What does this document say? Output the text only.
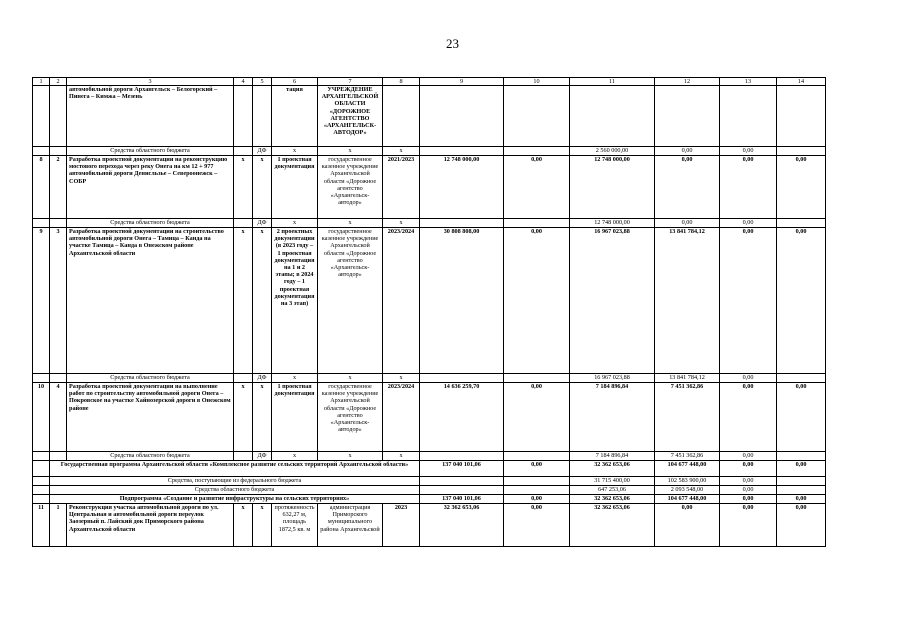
23
1	2	3	4	5	6	7	8	9	10	11	12	13	14
		автомобильной дороги Архангельск – Белогорский – Пинега – Кимжа – Мезень			тация	УЧРЕЖДЕНИЕ АРХАНГЕЛЬСКОЙ ОБЛАСТИ «ДОРОЖНОЕ АГЕНТСТВО «АРХАНГЕЛЬСК-АВТОДОР»							
		Средства областного бюджета		ДФ	x	x	x			2 560 000,00	0,00	0,00	
8	2	Разработка проектной документации на реконструкцию мостового перехода через реку Онега на км 12 + 977 автомобильной дороги Денисльзье – Североонежск – СОБР	x	x	1 проектная документация	государственное казенное учреждение Архангельской области «Дорожное агентство «Архангельск-автодор»	2021/2023	12 748 000,00	0,00	12 748 000,00	0,00	0,00	0,00
		Средства областного бюджета		ДФ	x	x	x			12 748 000,00	0,00	0,00	
9	3	Разработка проектной документации на строительство автомобильной дороги Онега – Тамица – Канда на участке Тамица – Канда в Онежском районе Архангельской области	x	x	2 проектных документации (в 2023 году – 1 проектная документация на 1 и 2 этапы; в 2024 году – 1 проектная документация на 3 этап)	государственное казенное учреждение Архангельской области «Дорожное агентство «Архангельск-автодор»	2023/2024	30 808 808,00	0,00	16 967 023,88	13 841 784,12	0,00	0,00
		Средства областного бюджета		ДФ	x	x	x			16 967 023,88	13 841 784,12	0,00	
10	4	Разработка проектной документации на выполнение работ по строительству автомобильной дороги Онега – Покровское на участке Хайнозерской дороги в Онежском районе	x	x	1 проектная документация	государственное казенное учреждение Архангельской области «Дорожное агентство «Архангельск-автодор»	2023/2024	14 636 259,70	0,00	7 184 896,84	7 451 362,86	0,00	0,00
		Средства областного бюджета		ДФ	x	x	x			7 184 896,84	7 451 362,86	0,00	
	Государственная программа Архангельской области «Комплексное развитие сельских территорий Архангельской области»							137 040 101,06	0,00	32 362 653,06	104 677 448,00	0,00	0,00
	Средства, поступающие из федерального бюджета									31 715 400,00	102 583 900,00	0,00	
	Средства областного бюджета									647 253,06	2 093 548,00	0,00	
	Подпрограмма «Создание и развитие инфраструктуры на сельских территориях»							137 040 101,06	0,00	32 362 653,06	104 677 448,00	0,00	0,00
11	1	Реконструкция участка автомобильной дороги по ул. Центральная и автомобильной дороги переулок Заозерный п. Лайский док Приморского района Архангельской области	x	x	протяженность 632,27 м, площадь 1872,5 кв. м	администрация Приморского муниципального района Архангельской	2023	32 362 653,06	0,00	32 362 653,06	0,00	0,00	0,00
